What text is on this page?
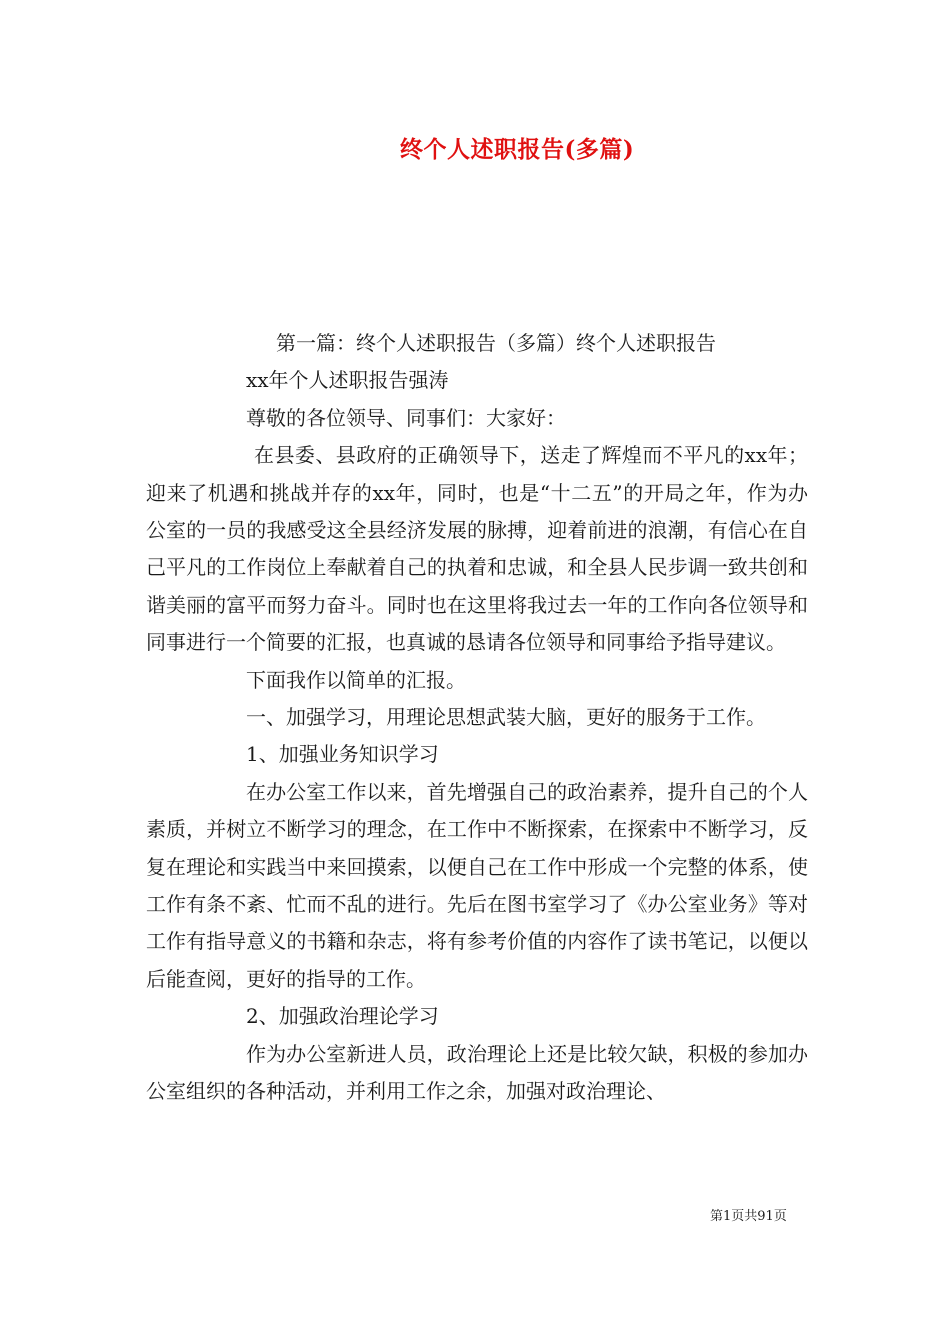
终个人述职报告(多篇)
第一篇：终个人述职报告（多篇）终个人述职报告
xx年个人述职报告强涛
尊敬的各位领导、同事们：大家好：
在县委、县政府的正确领导下，送走了辉煌而不平凡的xx年；迎来了机遇和挑战并存的xx年，同时，也是“十二五”的开局之年，作为办公室的一员的我感受这全县经济发展的脉搏，迎着前进的浪潮，有信心在自己平凡的工作岗位上奉献着自己的执着和忠诚，和全县人民步调一致共创和谐美丽的富平而努力奋斗。同时也在这里将我过去一年的工作向各位领导和同事进行一个简要的汇报，也真诚的恳请各位领导和同事给予指导建议。
下面我作以简单的汇报。
一、加强学习，用理论思想武装大脑，更好的服务于工作。
1、加强业务知识学习
在办公室工作以来，首先增强自己的政治素养，提升自己的个人素质，并树立不断学习的理念，在工作中不断探索，在探索中不断学习，反复在理论和实践当中来回摸索，以便自己在工作中形成一个完整的体系，使工作有条不紊、忙而不乱的进行。先后在图书室学习了《办公室业务》等对工作有指导意义的书籍和杂志，将有参考价值的内容作了读书笔记，以便以后能查阅，更好的指导的工作。
2、加强政治理论学习
作为办公室新进人员，政治理论上还是比较欠缺，积极的参加办公室组织的各种活动，并利用工作之余，加强对政治理论、
第1页共91页
